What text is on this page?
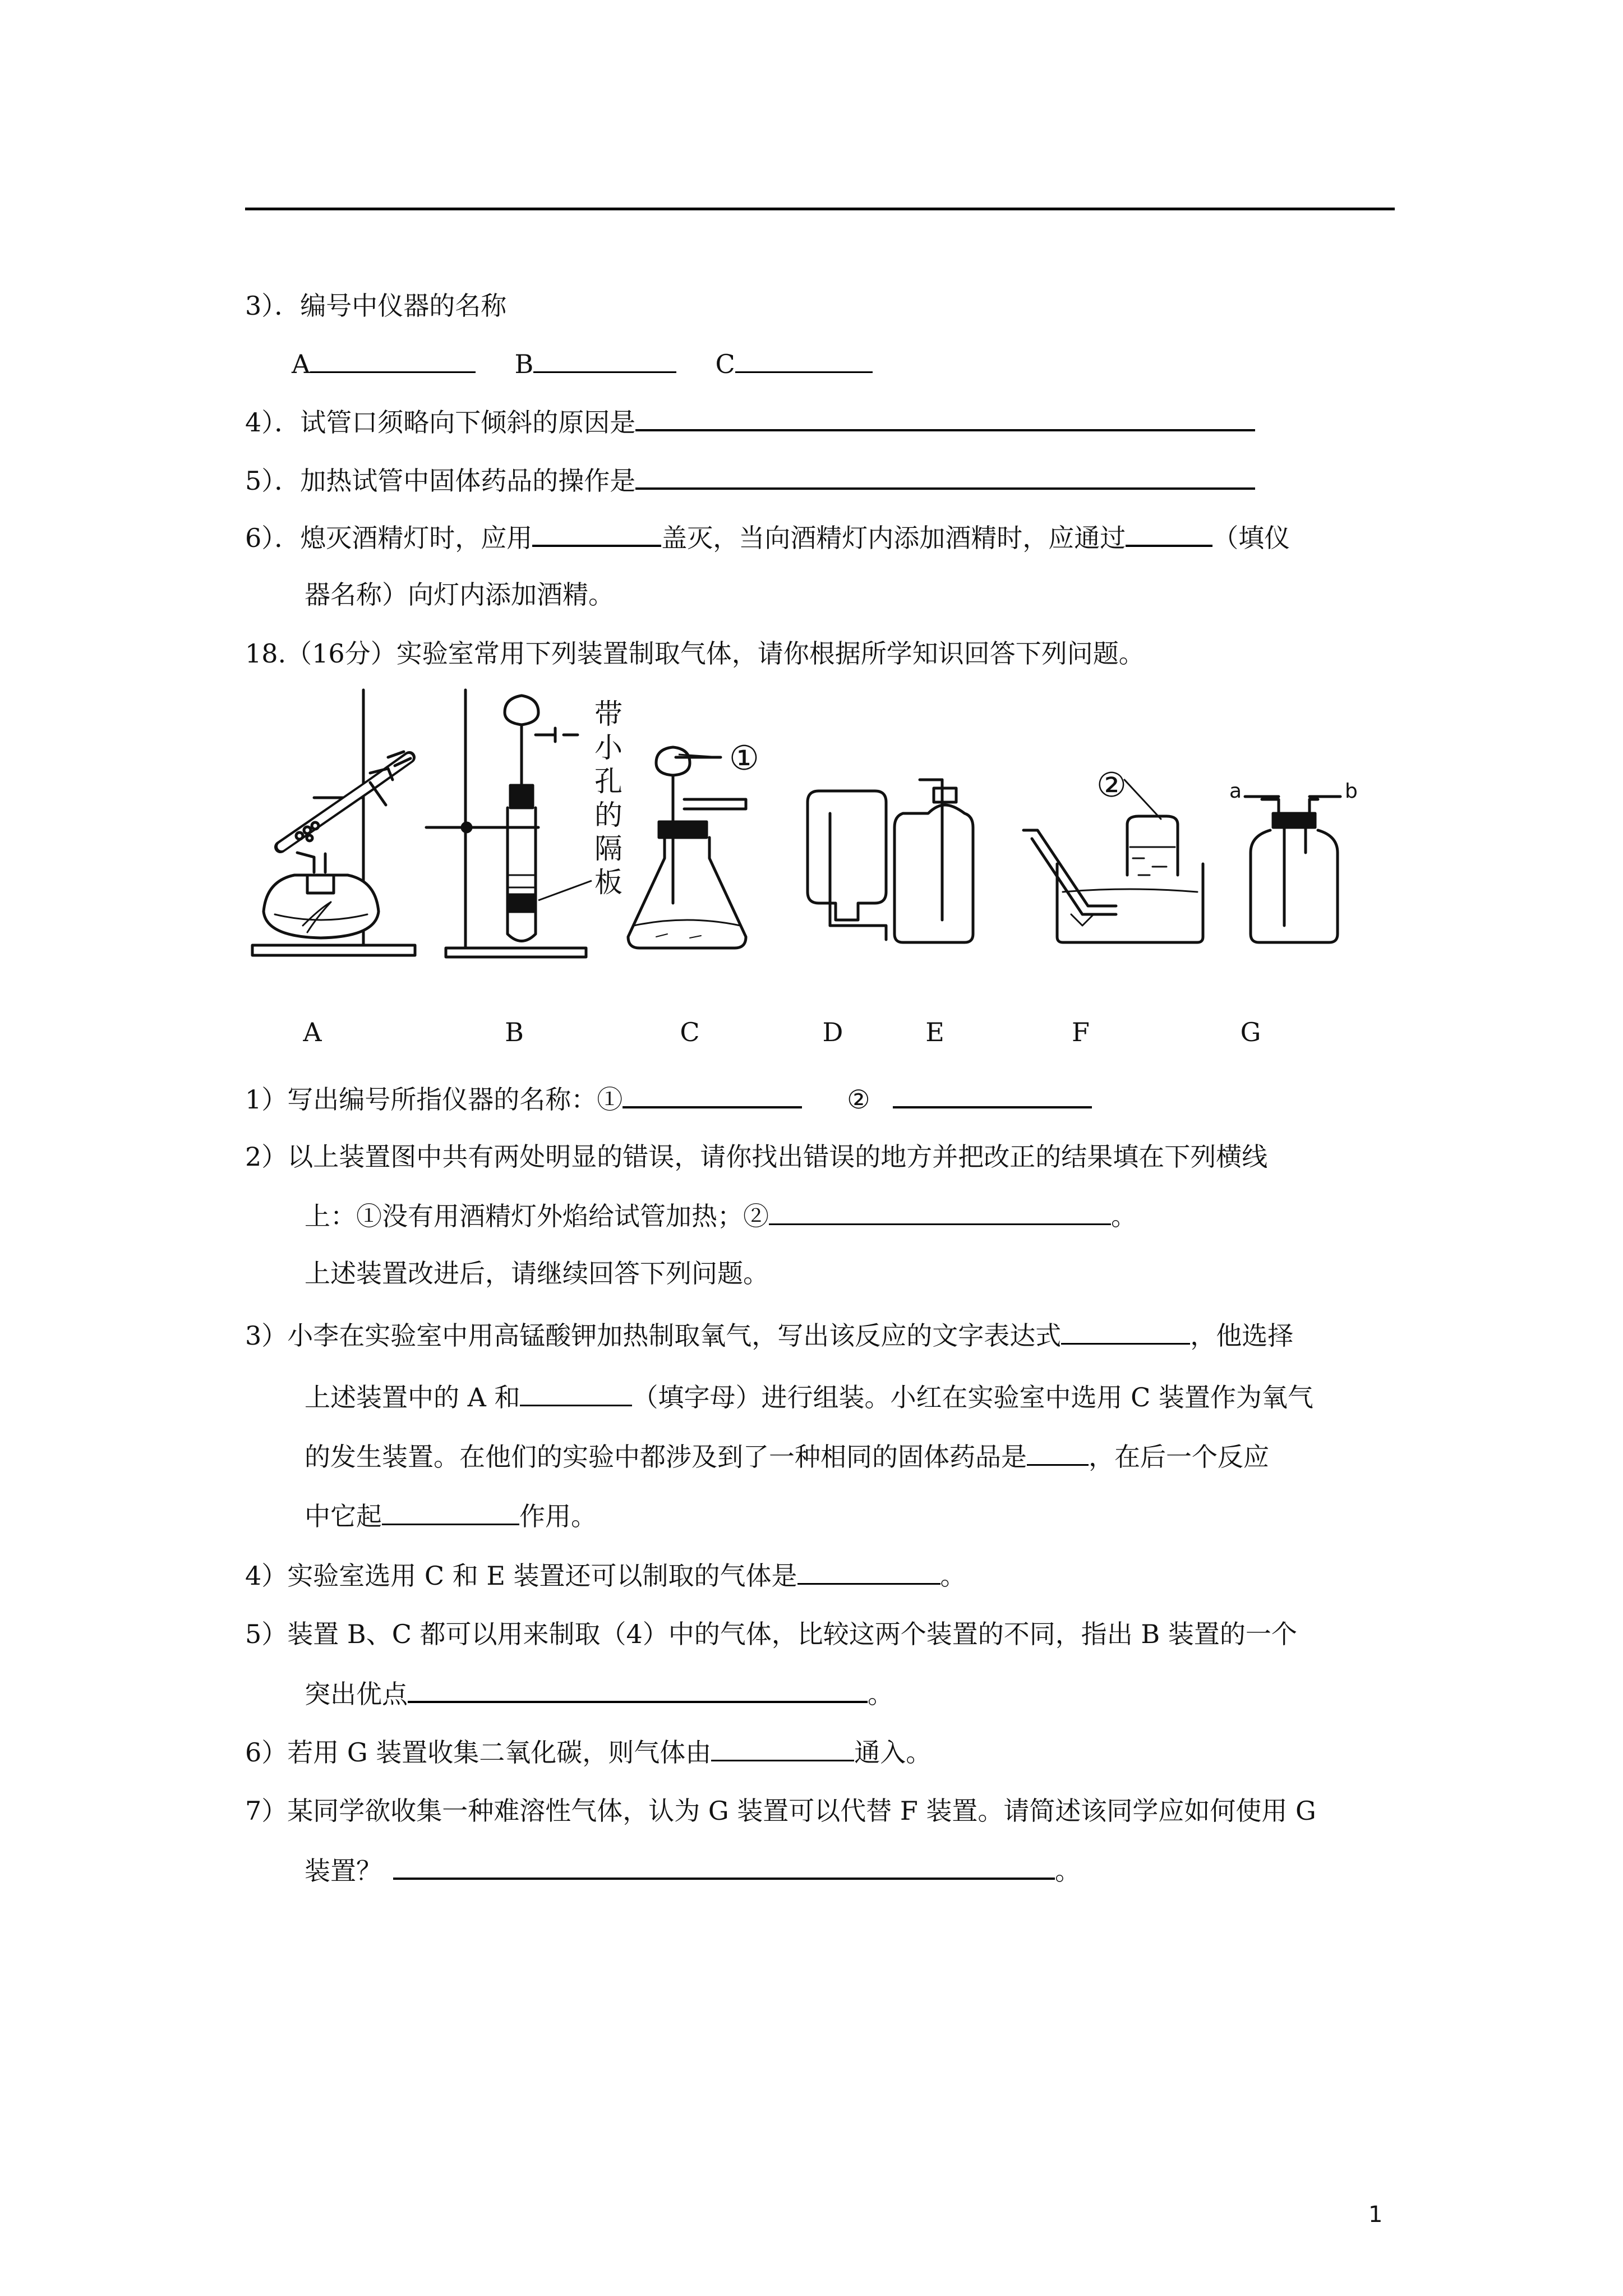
3）．编号中仪器的名称
A	B	C
4）．试管口须略向下倾斜的原因是
5）．加热试管中固体药品的操作是
6）．熄灭酒精灯时，应用	盖灭，当向酒精灯内添加酒精时，应通过	（填仪
器名称）向灯内添加酒精。
18.（16分）实验室常用下列装置制取气体，请你根据所学知识回答下列问题。
①
②	a	b
带
小
孔
的
隔
板
A	B	C	D	E	F	G
1）写出编号所指仪器的名称：①	②
2）以上装置图中共有两处明显的错误，请你找出错误的地方并把改正的结果填在下列横线
上：①没有用酒精灯外焰给试管加热；②	。
上述装置改进后，请继续回答下列问题。
3）小李在实验室中用高锰酸钾加热制取氧气，写出该反应的文字表达式	，他选择
上述装置中的 A 和	（填字母）进行组装。小红在实验室中选用 C 装置作为氧气
的发生装置。在他们的实验中都涉及到了一种相同的固体药品是 ，在后一个反应
中它起	作用。
4）实验室选用 C 和 E 装置还可以制取的气体是	。
5）装置 B、C 都可以用来制取（4）中的气体，比较这两个装置的不同，指出 B 装置的一个
突出优点	。
6）若用 G 装置收集二氧化碳，则气体由	通入。
7）某同学欲收集一种难溶性气体，认为 G 装置可以代替 F 装置。请简述该同学应如何使用 G
装置？	。
1
